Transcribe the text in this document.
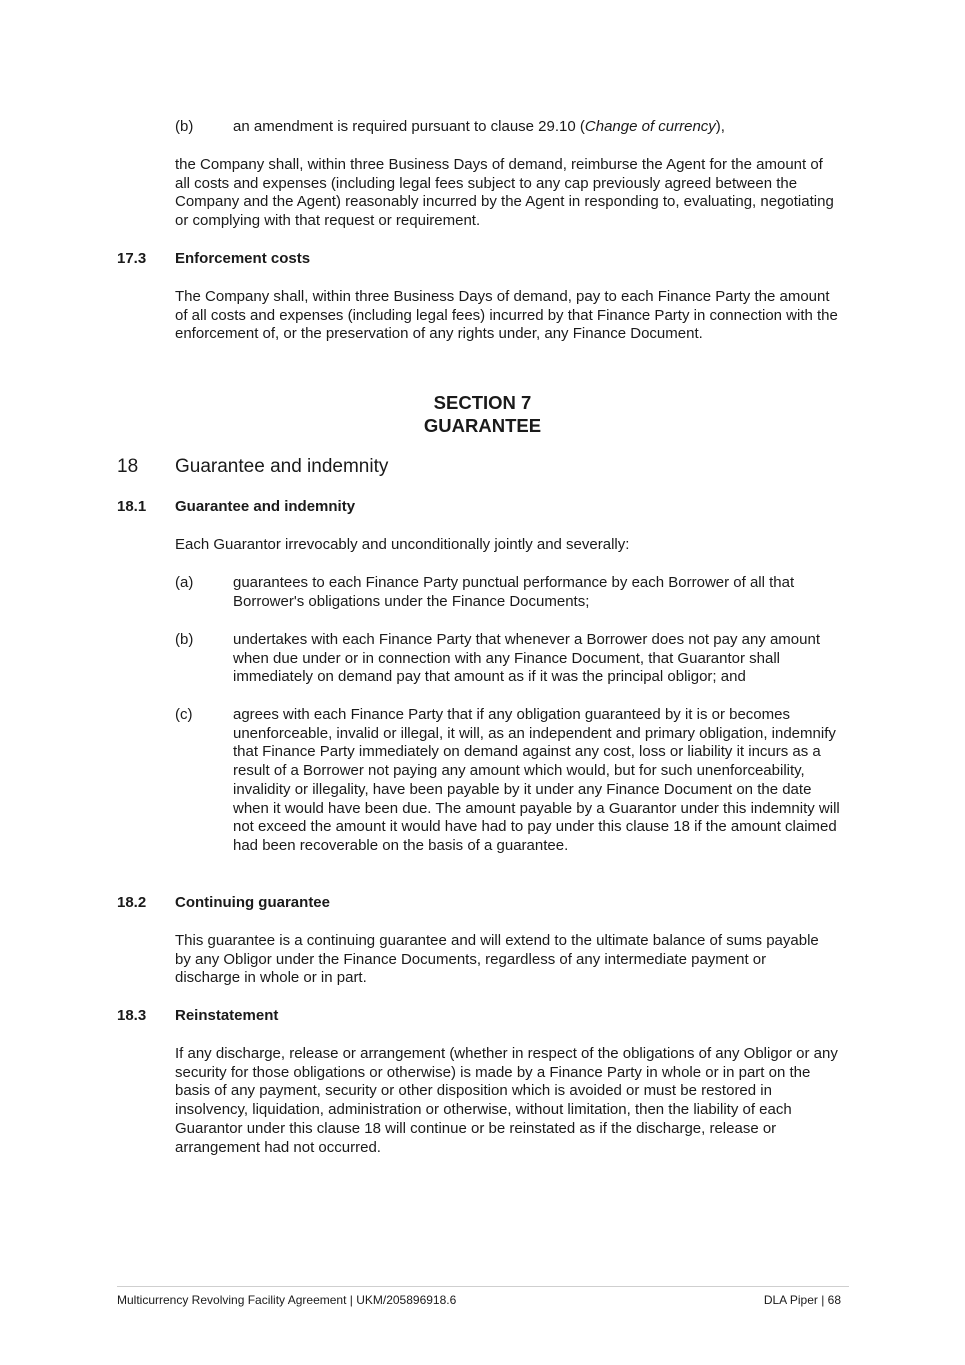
(b)	an amendment is required pursuant to clause 29.10 (Change of currency),

the Company shall, within three Business Days of demand, reimburse the Agent for the amount of all costs and expenses (including legal fees subject to any cap previously agreed between the Company and the Agent) reasonably incurred by the Agent in responding to, evaluating, negotiating or complying with that request or requirement.

17.3 Enforcement costs

The Company shall, within three Business Days of demand, pay to each Finance Party the amount of all costs and expenses (including legal fees) incurred by that Finance Party in connection with the enforcement of, or the preservation of any rights under, any Finance Document.

SECTION 7
GUARANTEE
18 Guarantee and indemnity
18.1 Guarantee and indemnity

Each Guarantor irrevocably and unconditionally jointly and severally:

(a)	guarantees to each Finance Party punctual performance by each Borrower of all that Borrower's obligations under the Finance Documents;

(b)	undertakes with each Finance Party that whenever a Borrower does not pay any amount when due under or in connection with any Finance Document, that Guarantor shall immediately on demand pay that amount as if it was the principal obligor; and

(c)	agrees with each Finance Party that if any obligation guaranteed by it is or becomes unenforceable, invalid or illegal, it will, as an independent and primary obligation, indemnify that Finance Party immediately on demand against any cost, loss or liability it incurs as a result of a Borrower not paying any amount which would, but for such unenforceability, invalidity or illegality, have been payable by it under any Finance Document on the date when it would have been due. The amount payable by a Guarantor under this indemnity will not exceed the amount it would have had to pay under this clause 18 if the amount claimed had been recoverable on the basis of a guarantee.

18.2 Continuing guarantee

This guarantee is a continuing guarantee and will extend to the ultimate balance of sums payable by any Obligor under the Finance Documents, regardless of any intermediate payment or discharge in whole or in part.

18.3 Reinstatement

If any discharge, release or arrangement (whether in respect of the obligations of any Obligor or any security for those obligations or otherwise) is made by a Finance Party in whole or in part on the basis of any payment, security or other disposition which is avoided or must be restored in insolvency, liquidation, administration or otherwise, without limitation, then the liability of each Guarantor under this clause 18 will continue or be reinstated as if the discharge, release or arrangement had not occurred.

Multicurrency Revolving Facility Agreement | UKM/205896918.6	DLA Piper | 68
